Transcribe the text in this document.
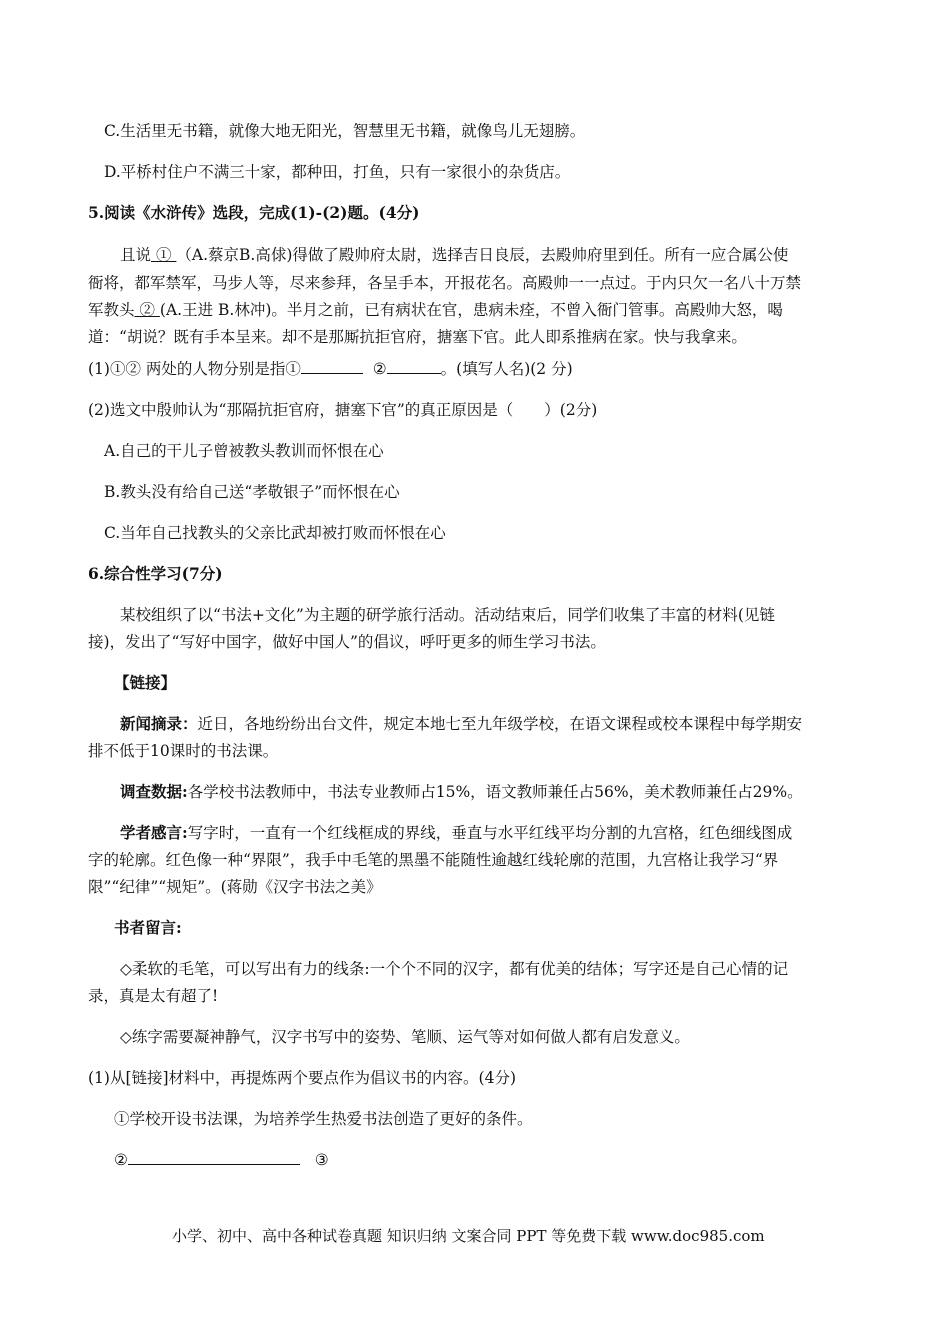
C.生活里无书籍，就像大地无阳光，智慧里无书籍，就像鸟儿无翅膀。
D.平桥村住户不满三十家，都种田，打鱼，只有一家很小的杂货店。
5.阅读《水浒传》选段，完成(1)-(2)题。(4分)
且说 ① （A.蔡京B.高俅)得做了殿帅府太尉，选择吉日良辰，去殿帅府里到任。所有一应合属公使
衙将，都军禁军，马步人等，尽来参拜，各呈手本，开报花名。高殿帅一一点过。于内只欠一名八十万禁
军教头 ② (A.王进 B.林冲)。半月之前，已有病状在官，患病未痊，不曾入衙门管事。高殿帅大怒，喝
道：“胡说？既有手本呈来。却不是那厮抗拒官府，搪塞下官。此人即系推病在家。快与我拿来。
(1)①② 两处的人物分别是指①	②	。(填写人名)(2 分)
(2)选文中殷帅认为“那隔抗拒官府，搪塞下官”的真正原因是（　　）(2分)
A.自己的干儿子曾被教头教训而怀恨在心
B.教头没有给自己送“孝敬银子”而怀恨在心
C.当年自己找教头的父亲比武却被打败而怀恨在心
6.综合性学习(7分)
某校组织了以“书法+文化”为主题的研学旅行活动。活动结束后，同学们收集了丰富的材料(见链
接)，发出了“写好中国字，做好中国人”的倡议，呼吁更多的师生学习书法。
【链接】
新闻摘录：近日，各地纷纷出台文件，规定本地七至九年级学校，在语文课程或校本课程中每学期安
排不低于10课时的书法课。
调查数据:各学校书法教师中，书法专业教师占15%，语文教师兼任占56%，美术教师兼任占29%。
学者感言:写字时，一直有一个红线框成的界线，垂直与水平红线平均分割的九宫格，红色细线图成
字的轮廓。红色像一种“界限”，我手中毛笔的黑墨不能随性逾越红线轮廓的范围，九宫格让我学习“界
限”“纪律”“规矩”。(蒋勋《汉字书法之美》
书者留言:
◇柔软的毛笔，可以写出有力的线条:一个个不同的汉字，都有优美的结体；写字还是自己心情的记
录，真是太有超了!
◇练字需要凝神静气，汉字书写中的姿势、笔顺、运气等对如何做人都有启发意义。
(1)从[链接]材料中，再提炼两个要点作为倡议书的内容。(4分)
①学校开设书法课，为培养学生热爱书法创造了更好的条件。
②	③
小学、初中、高中各种试卷真题 知识归纳 文案合同 PPT 等免费下载 www.doc985.com
